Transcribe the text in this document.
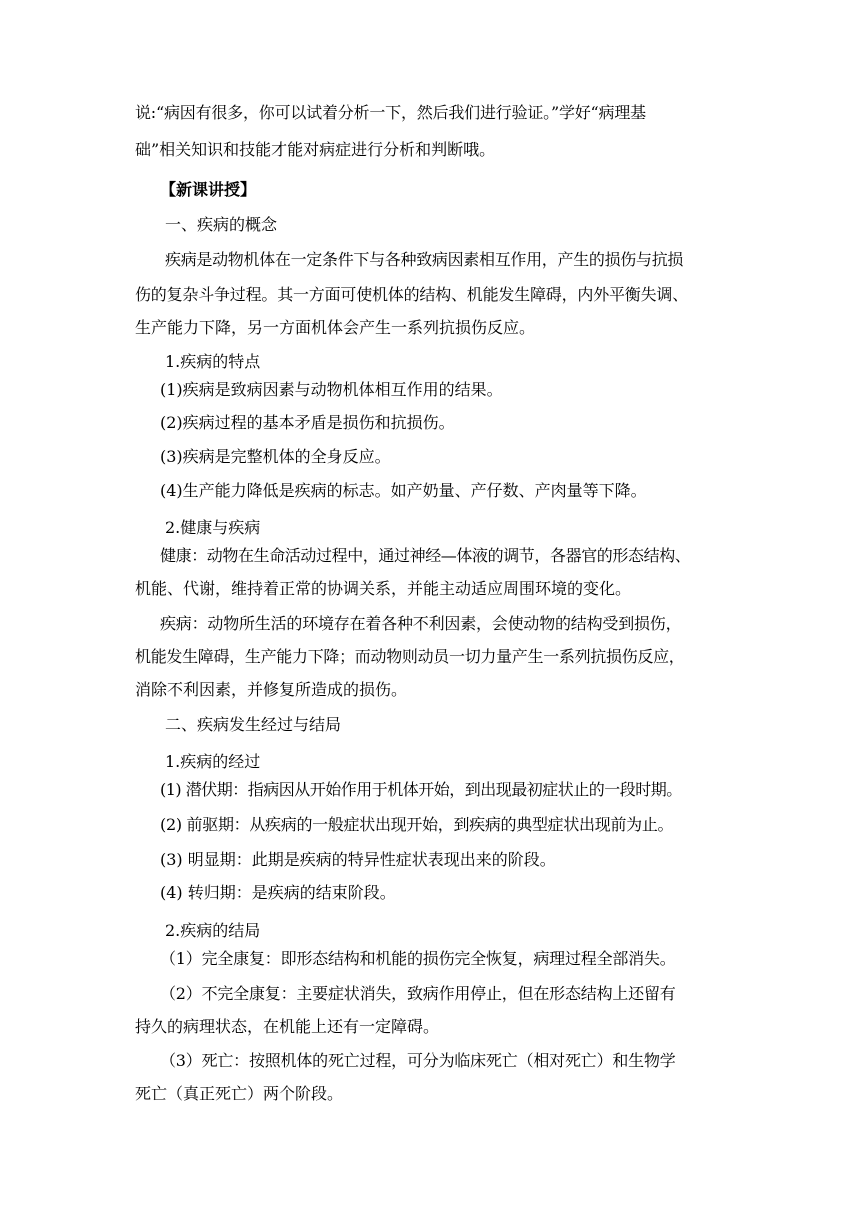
说:“病因有很多，你可以试着分析一下，然后我们进行验证。”学好“病理基

础”相关知识和技能才能对病症进行分析和判断哦。

【新课讲授】

一、疾病的概念

疾病是动物机体在一定条件下与各种致病因素相互作用，产生的损伤与抗损

伤的复杂斗争过程。其一方面可使机体的结构、机能发生障碍，内外平衡失调、

生产能力下降，另一方面机体会产生一系列抗损伤反应。

1.疾病的特点

(1)疾病是致病因素与动物机体相互作用的结果。

(2)疾病过程的基本矛盾是损伤和抗损伤。

(3)疾病是完整机体的全身反应。

(4)生产能力降低是疾病的标志。如产奶量、产仔数、产肉量等下降。

2.健康与疾病

健康：动物在生命活动过程中，通过神经—体液的调节，各器官的形态结构、

机能、代谢，维持着正常的协调关系，并能主动适应周围环境的变化。

疾病：动物所生活的环境存在着各种不利因素，会使动物的结构受到损伤，

机能发生障碍，生产能力下降；而动物则动员一切力量产生一系列抗损伤反应，

消除不利因素，并修复所造成的损伤。

二、疾病发生经过与结局

1.疾病的经过

(1) 潜伏期：指病因从开始作用于机体开始，到出现最初症状止的一段时期。

(2) 前驱期：从疾病的一般症状出现开始，到疾病的典型症状出现前为止。

(3) 明显期：此期是疾病的特异性症状表现出来的阶段。

(4) 转归期：是疾病的结束阶段。

2.疾病的结局

（1）完全康复：即形态结构和机能的损伤完全恢复，病理过程全部消失。

（2）不完全康复：主要症状消失，致病作用停止，但在形态结构上还留有

持久的病理状态，在机能上还有一定障碍。

（3）死亡：按照机体的死亡过程，可分为临床死亡（相对死亡）和生物学

死亡（真正死亡）两个阶段。
